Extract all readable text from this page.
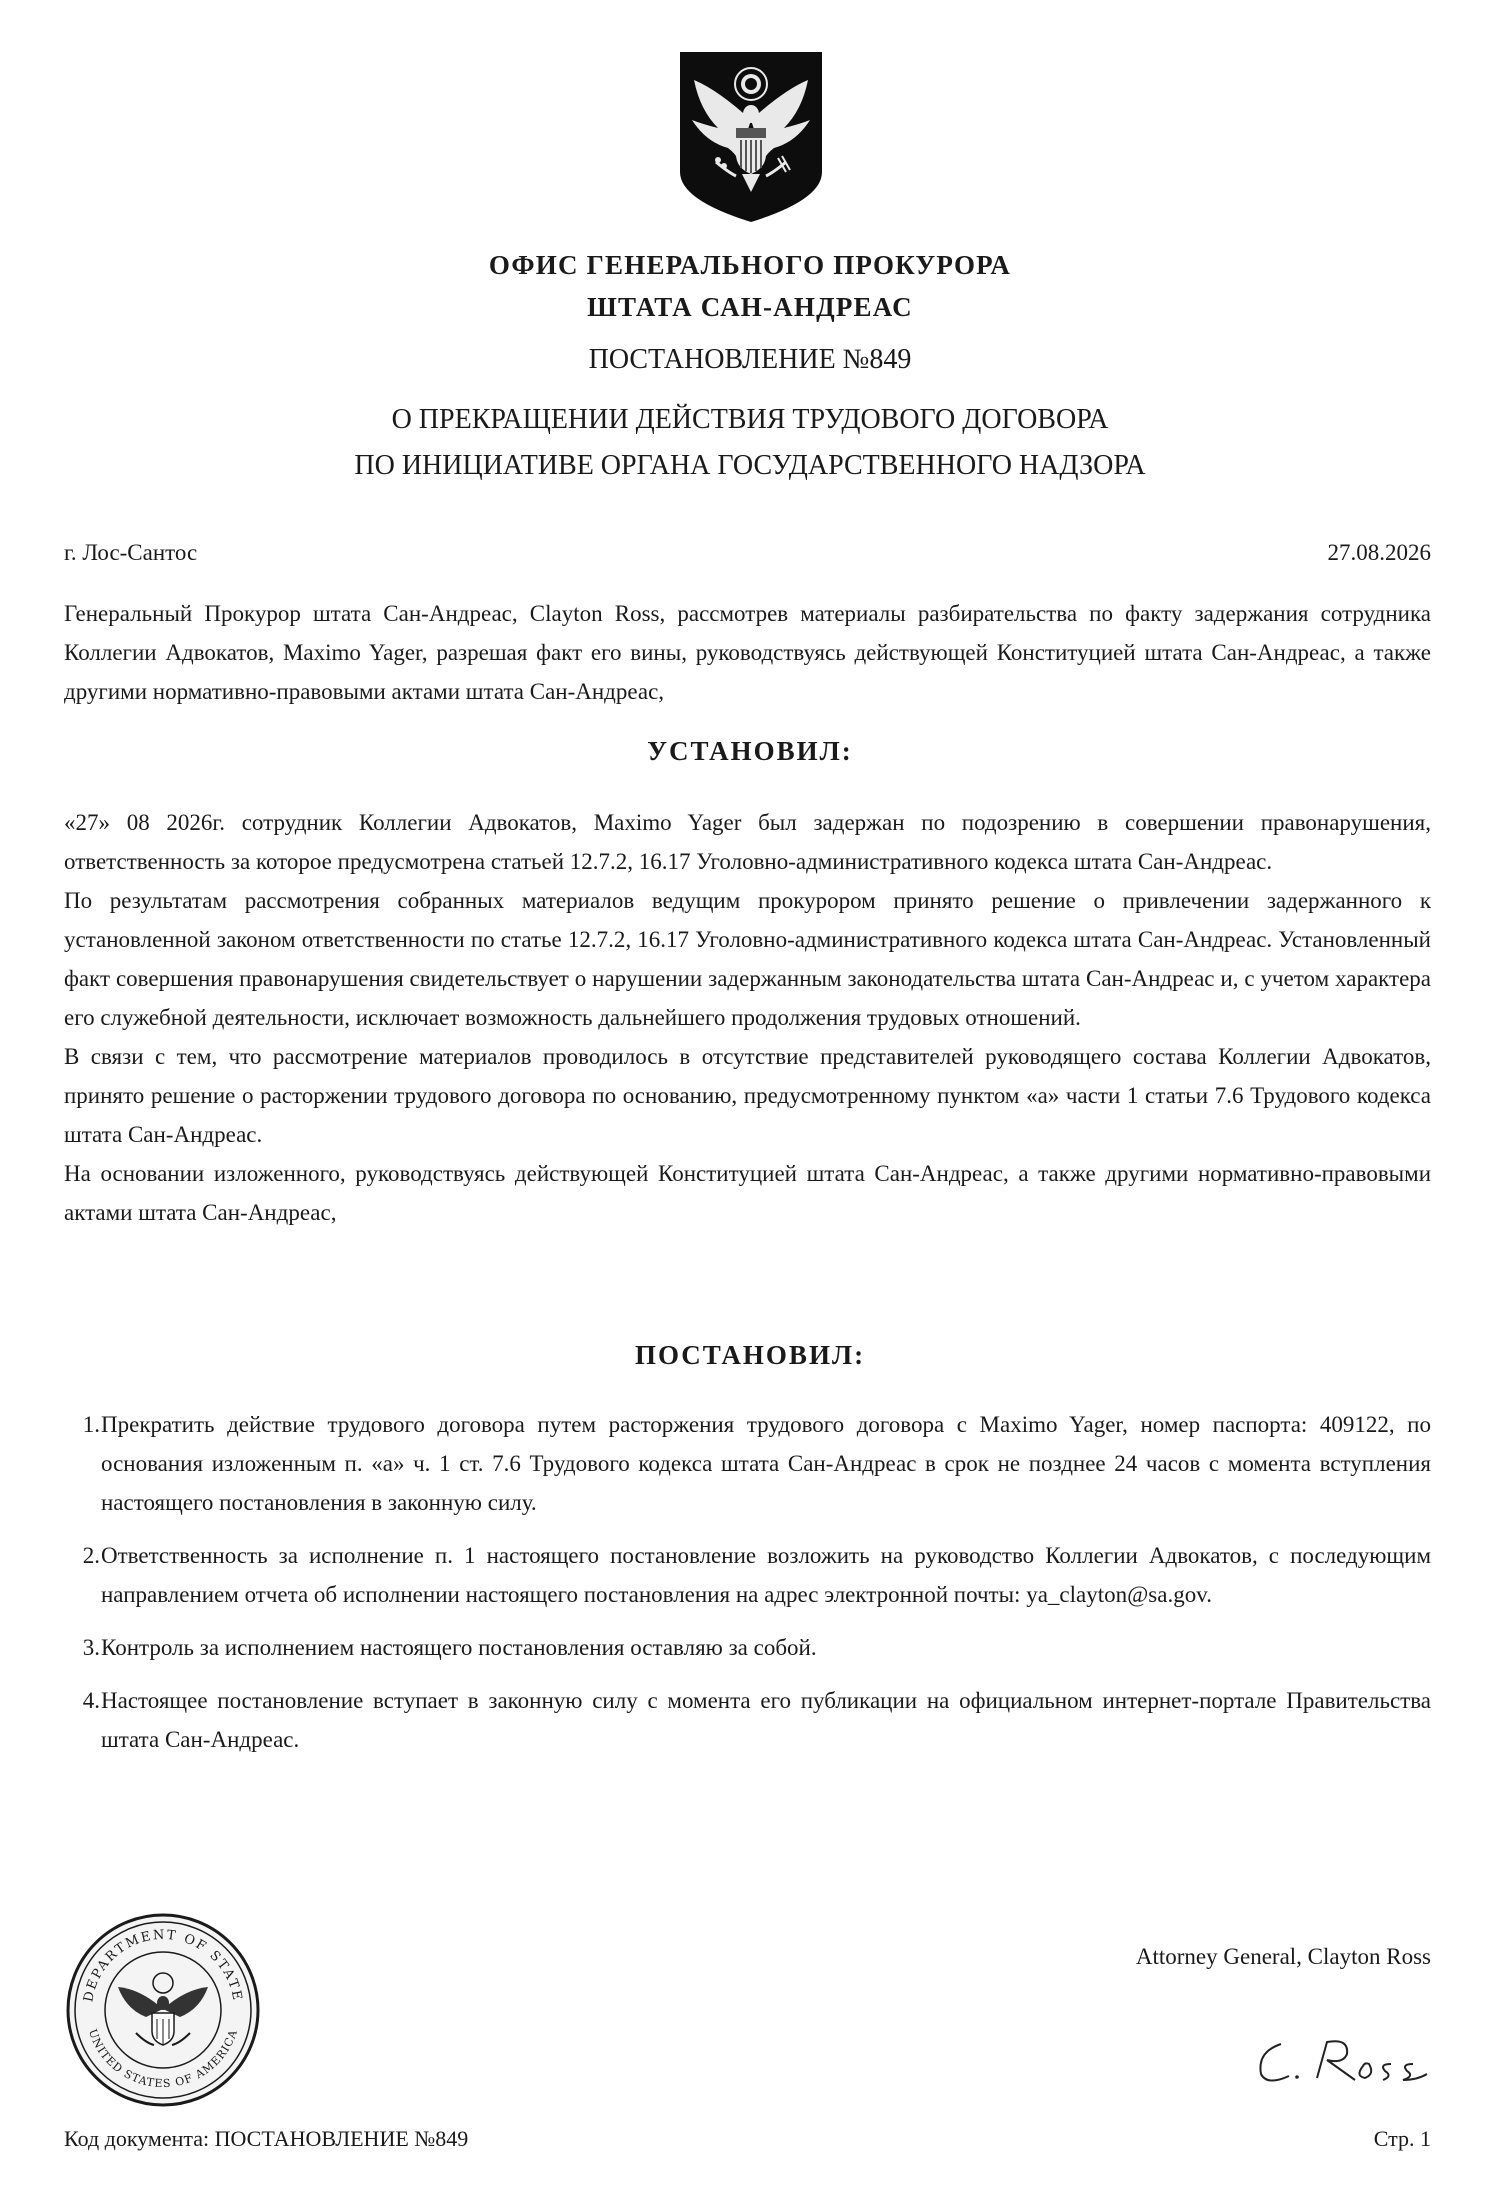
ОФИС ГЕНЕРАЛЬНОГО ПРОКУРОРА
ШТАТА САН-АНДРЕАС
ПОСТАНОВЛЕНИЕ №849
О ПРЕКРАЩЕНИИ ДЕЙСТВИЯ ТРУДОВОГО ДОГОВОРА
ПО ИНИЦИАТИВЕ ОРГАНА ГОСУДАРСТВЕННОГО НАДЗОРА
г. Лос-Сантос	27.08.2026

Генеральный Прокурор штата Сан-Андреас, Clayton Ross, рассмотрев материалы разбирательства по факту задержания сотрудника Коллегии Адвокатов, Maximo Yager, разрешая факт его вины, руководствуясь действующей Конституцией штата Сан-Андреас, а также другими нормативно-правовыми актами штата Сан-Андреас,

УСТАНОВИЛ:

«27» 08 2026г. сотрудник Коллегии Адвокатов, Maximo Yager был задержан по подозрению в совершении правонарушения, ответственность за которое предусмотрена статьей 12.7.2, 16.17 Уголовно-административного кодекса штата Сан-Андреас.

По результатам рассмотрения собранных материалов ведущим прокурором принято решение о привлечении задержанного к установленной законом ответственности по статье 12.7.2, 16.17 Уголовно-административного кодекса штата Сан-Андреас. Установленный факт совершения правонарушения свидетельствует о нарушении задержанным законодательства штата Сан-Андреас и, с учетом характера его служебной деятельности, исключает возможность дальнейшего продолжения трудовых отношений.

В связи с тем, что рассмотрение материалов проводилось в отсутствие представителей руководящего состава Коллегии Адвокатов, принято решение о расторжении трудового договора по основанию, предусмотренному пунктом «а» части 1 статьи 7.6 Трудового кодекса штата Сан-Андреас.

На основании изложенного, руководствуясь действующей Конституцией штата Сан-Андреас, а также другими нормативно-правовыми актами штата Сан-Андреас,

ПОСТАНОВИЛ:
1. Прекратить действие трудового договора путем расторжения трудового договора с Maximo Yager, номер паспорта: 409122, по основания изложенным п. «а» ч. 1 ст. 7.6 Трудового кодекса штата Сан-Андреас в срок не позднее 24 часов с момента вступления настоящего постановления в законную силу.
2. Ответственность за исполнение п. 1 настоящего постановление возложить на руководство Коллегии Адвокатов, с последующим направлением отчета об исполнении настоящего постановления на адрес электронной почты: ya_clayton@sa.gov.
3. Контроль за исполнением настоящего постановления оставляю за собой.
4. Настоящее постановление вступает в законную силу с момента его публикации на официальном интернет-портале Правительства штата Сан-Андреас.
DEPARTMENT OF STATE
UNITED STATES OF AMERICA
Attorney General, Clayton Ross
Код документа: ПОСТАНОВЛЕНИЕ №849	Стр. 1
